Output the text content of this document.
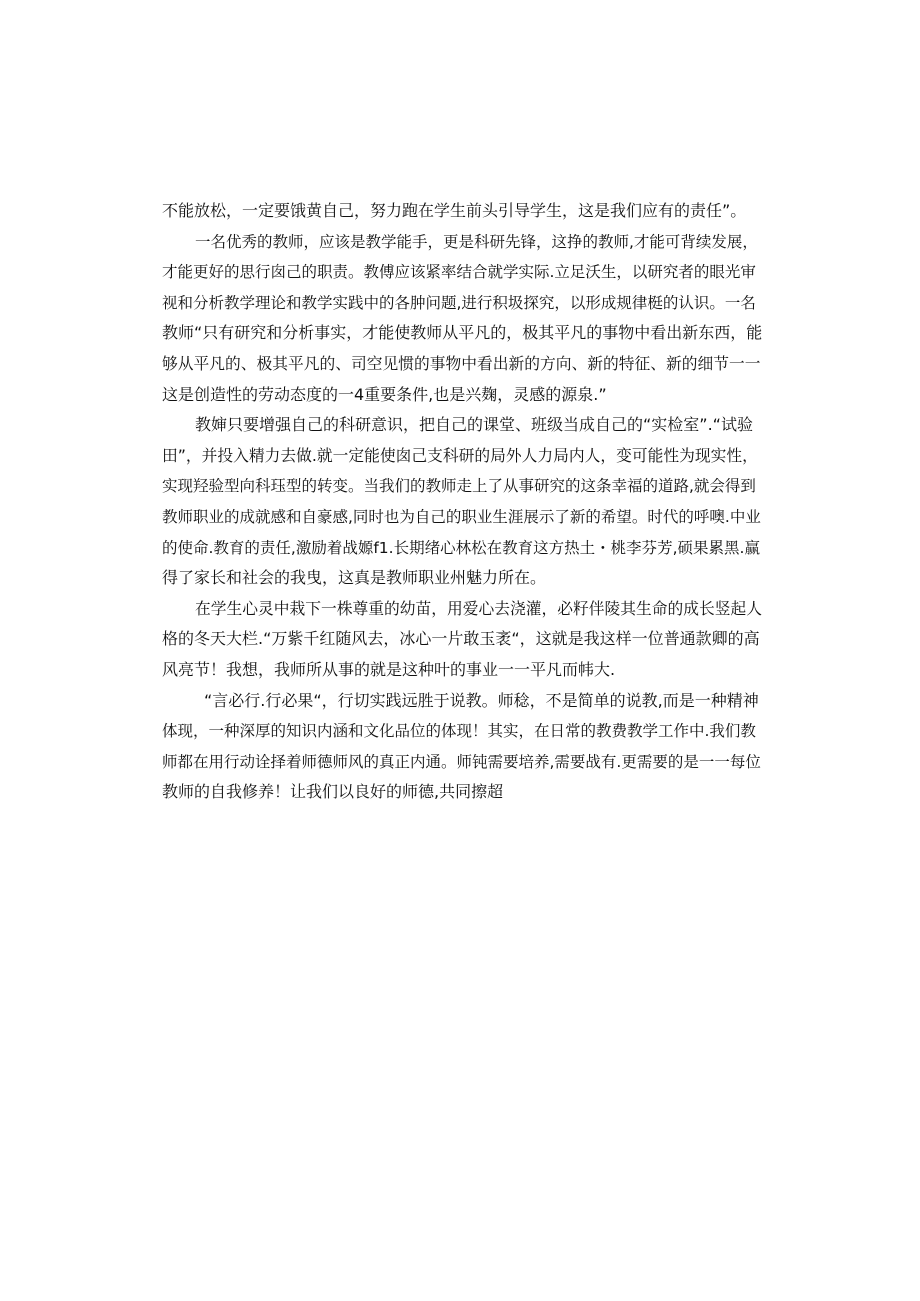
不能放松，一定要饿黄自己，努力跑在学生前头引导学生，这是我们应有的责任”。
一名优秀的教师，应该是教学能手，更是科研先锋，这挣的教师,才能可背续发展，
才能更好的思行囱己的职责。教傅应该紧率结合就学实际.立足沃生，以研究者的眼光审
视和分析教学理论和教学实践中的各肿问题,进行积圾探究，以形成规律梃的认识。一名
教师“只有研究和分析事实，才能使教师从平凡的，极其平凡的事物中看出新东西，能
够从平凡的、极其平凡的、司空见惯的事物中看出新的方向、新的特征、新的细节一一
这是创造性的劳动态度的一4重要条件,也是兴麹，灵感的源泉.”
教婶只要增强自己的科研意识，把自己的课堂、班级当成自己的“实检室”.“试验
田”，并投入精力去做.就一定能使囱己支科研的局外人力局内人，变可能性为现实性，
实现羟验型向科珏型的转变。当我们的教师走上了从事研究的这条幸福的道路,就会得到
教师职业的成就感和自豪感,同时也为自己的职业生涯展示了新的希望。时代的呼噢.中业
的使命.教育的责任,激励着战嫄f1.长期绪心林松在教育这方热土・桃李芬芳,硕果累黑.赢
得了家长和社会的我曳，这真是教师职业州魅力所在。
在学生心灵中栽下一株尊重的幼苗，用爱心去浇灌，必籽伴陵其生命的成长竖起人
格的冬天大栏.“万紫千红随风去，冰心一片敢玉袤“，这就是我这样一位普通款卿的高
风亮节！我想，我师所从事的就是这种叶的事业一一平凡而帏大.
“言必行.行必果“，行切实践远胜于说教。师稔，不是简单的说教,而是一种精神
体现，一种深厚的知识内涵和文化品位的体现！其实，在日常的教费教学工作中.我们教
师都在用行动诠择着师德师风的真正内通。师钝需要培养,需要战有.更需要的是一一每位
教师的自我修养！让我们以良好的师德,共同擦超
